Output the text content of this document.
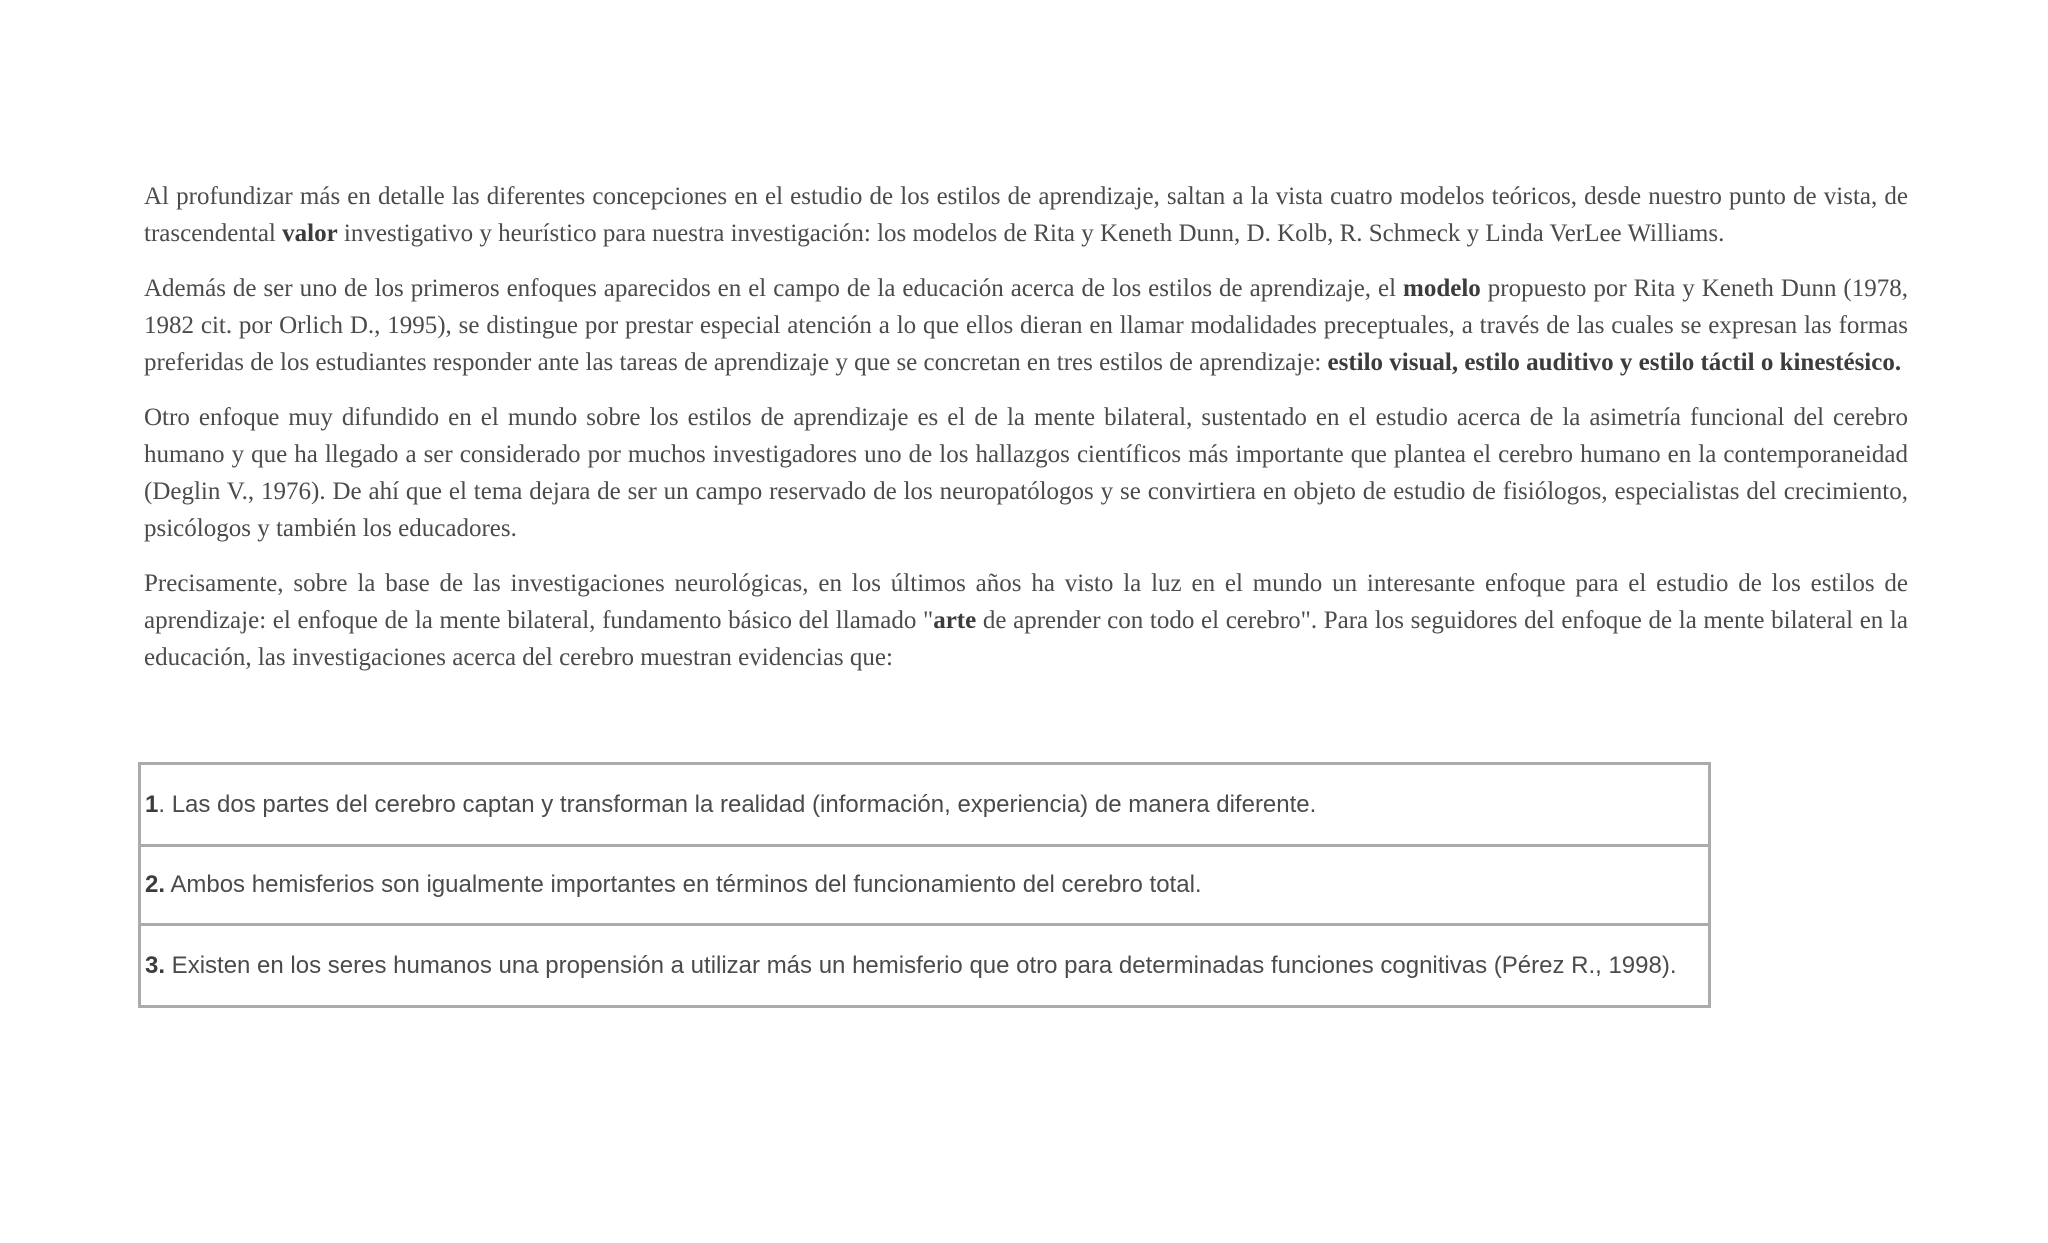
Al profundizar más en detalle las diferentes concepciones en el estudio de los estilos de aprendizaje, saltan a la vista cuatro modelos teóricos, desde nuestro punto de vista, de trascendental valor investigativo y heurístico para nuestra investigación: los modelos de Rita y Keneth Dunn, D. Kolb, R. Schmeck y Linda VerLee Williams.

Además de ser uno de los primeros enfoques aparecidos en el campo de la educación acerca de los estilos de aprendizaje, el modelo propuesto por Rita y Keneth Dunn (1978, 1982 cit. por Orlich D., 1995), se distingue por prestar especial atención a lo que ellos dieran en llamar modalidades preceptuales, a través de las cuales se expresan las formas preferidas de los estudiantes responder ante las tareas de aprendizaje y que se concretan en tres estilos de aprendizaje: estilo visual, estilo auditivo y estilo táctil o kinestésico.

Otro enfoque muy difundido en el mundo sobre los estilos de aprendizaje es el de la mente bilateral, sustentado en el estudio acerca de la asimetría funcional del cerebro humano y que ha llegado a ser considerado por muchos investigadores uno de los hallazgos científicos más importante que plantea el cerebro humano en la contemporaneidad (Deglin V., 1976). De ahí que el tema dejara de ser un campo reservado de los neuropatólogos y se convirtiera en objeto de estudio de fisiólogos, especialistas del crecimiento, psicólogos y también los educadores.

Precisamente, sobre la base de las investigaciones neurológicas, en los últimos años ha visto la luz en el mundo un interesante enfoque para el estudio de los estilos de aprendizaje: el enfoque de la mente bilateral, fundamento básico del llamado "arte de aprender con todo el cerebro". Para los seguidores del enfoque de la mente bilateral en la educación, las investigaciones acerca del cerebro muestran evidencias que:

1. Las dos partes del cerebro captan y transforman la realidad (información, experiencia) de manera diferente.
2. Ambos hemisferios son igualmente importantes en términos del funcionamiento del cerebro total.
3. Existen en los seres humanos una propensión a utilizar más un hemisferio que otro para determinadas funciones cognitivas (Pérez R., 1998).
